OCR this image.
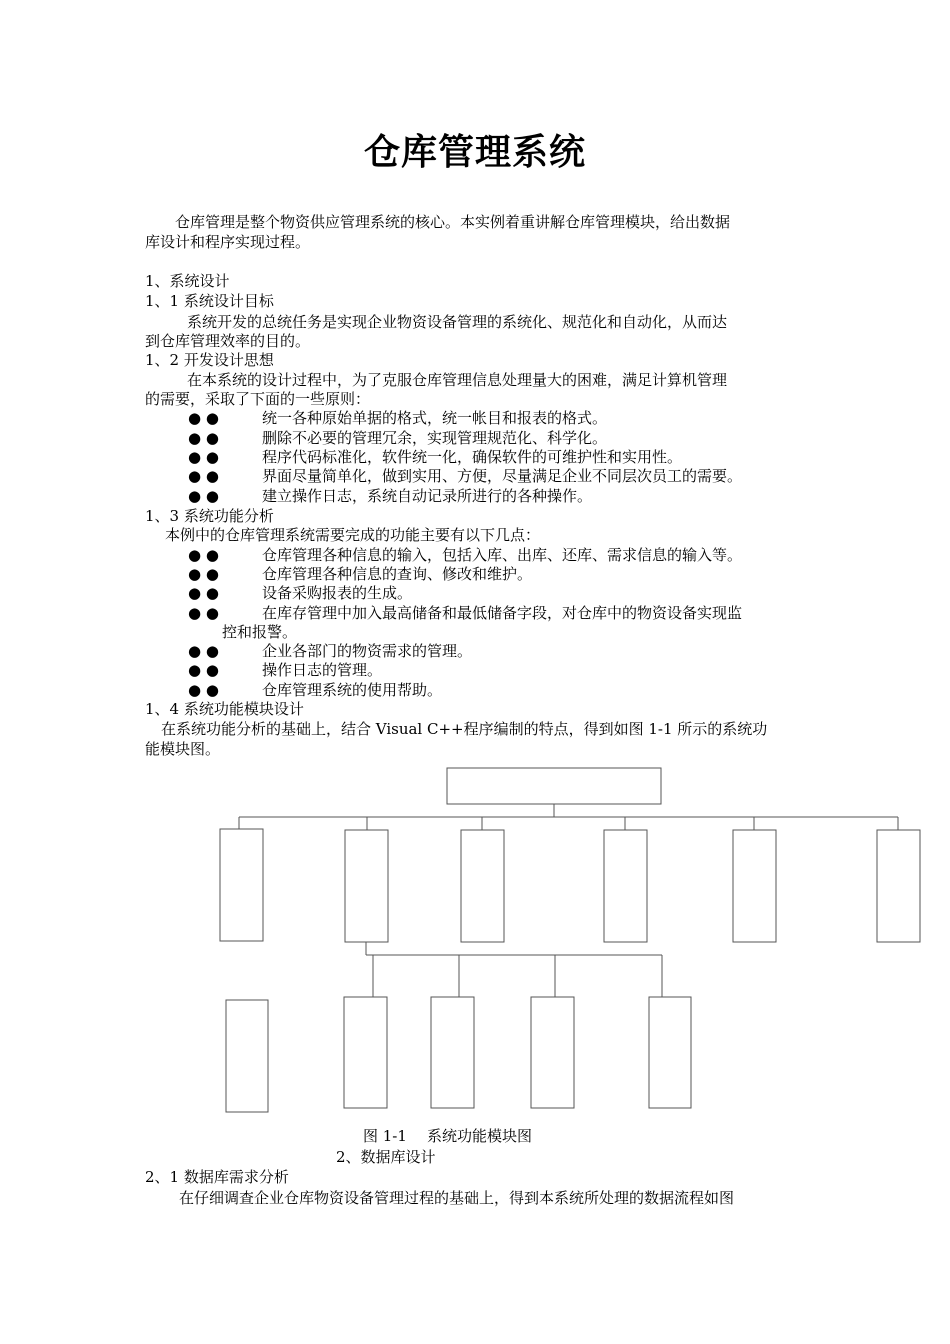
仓库管理系统
仓库管理是整个物资供应管理系统的核心。本实例着重讲解仓库管理模块，给出数据
库设计和程序实现过程。
1、系统设计
1、1 系统设计目标
系统开发的总统任务是实现企业物资设备管理的系统化、规范化和自动化，从而达
到仓库管理效率的目的。
1、2 开发设计思想
在本系统的设计过程中，为了克服仓库管理信息处理量大的困难，满足计算机管理
的需要，采取了下面的一些原则：
● ●	统一各种原始单据的格式，统一帐目和报表的格式。
● ●	删除不必要的管理冗余，实现管理规范化、科学化。
● ●	程序代码标准化，软件统一化，确保软件的可维护性和实用性。
● ●	界面尽量简单化，做到实用、方便，尽量满足企业不同层次员工的需要。
● ●	建立操作日志，系统自动记录所进行的各种操作。
1、3 系统功能分析
本例中的仓库管理系统需要完成的功能主要有以下几点：
● ●	仓库管理各种信息的输入，包括入库、出库、还库、需求信息的输入等。
● ●	仓库管理各种信息的查询、修改和维护。
● ●	设备采购报表的生成。
● ●	在库存管理中加入最高储备和最低储备字段，对仓库中的物资设备实现监
控和报警。
● ●	企业各部门的物资需求的管理。
● ●	操作日志的管理。
● ●	仓库管理系统的使用帮助。
1、4 系统功能模块设计
在系统功能分析的基础上，结合 Visual C++程序编制的特点，得到如图 1-1 所示的系统功
能模块图。
图 1-1 系统功能模块图
2、数据库设计
2、1 数据库需求分析
在仔细调查企业仓库物资设备管理过程的基础上，得到本系统所处理的数据流程如图
